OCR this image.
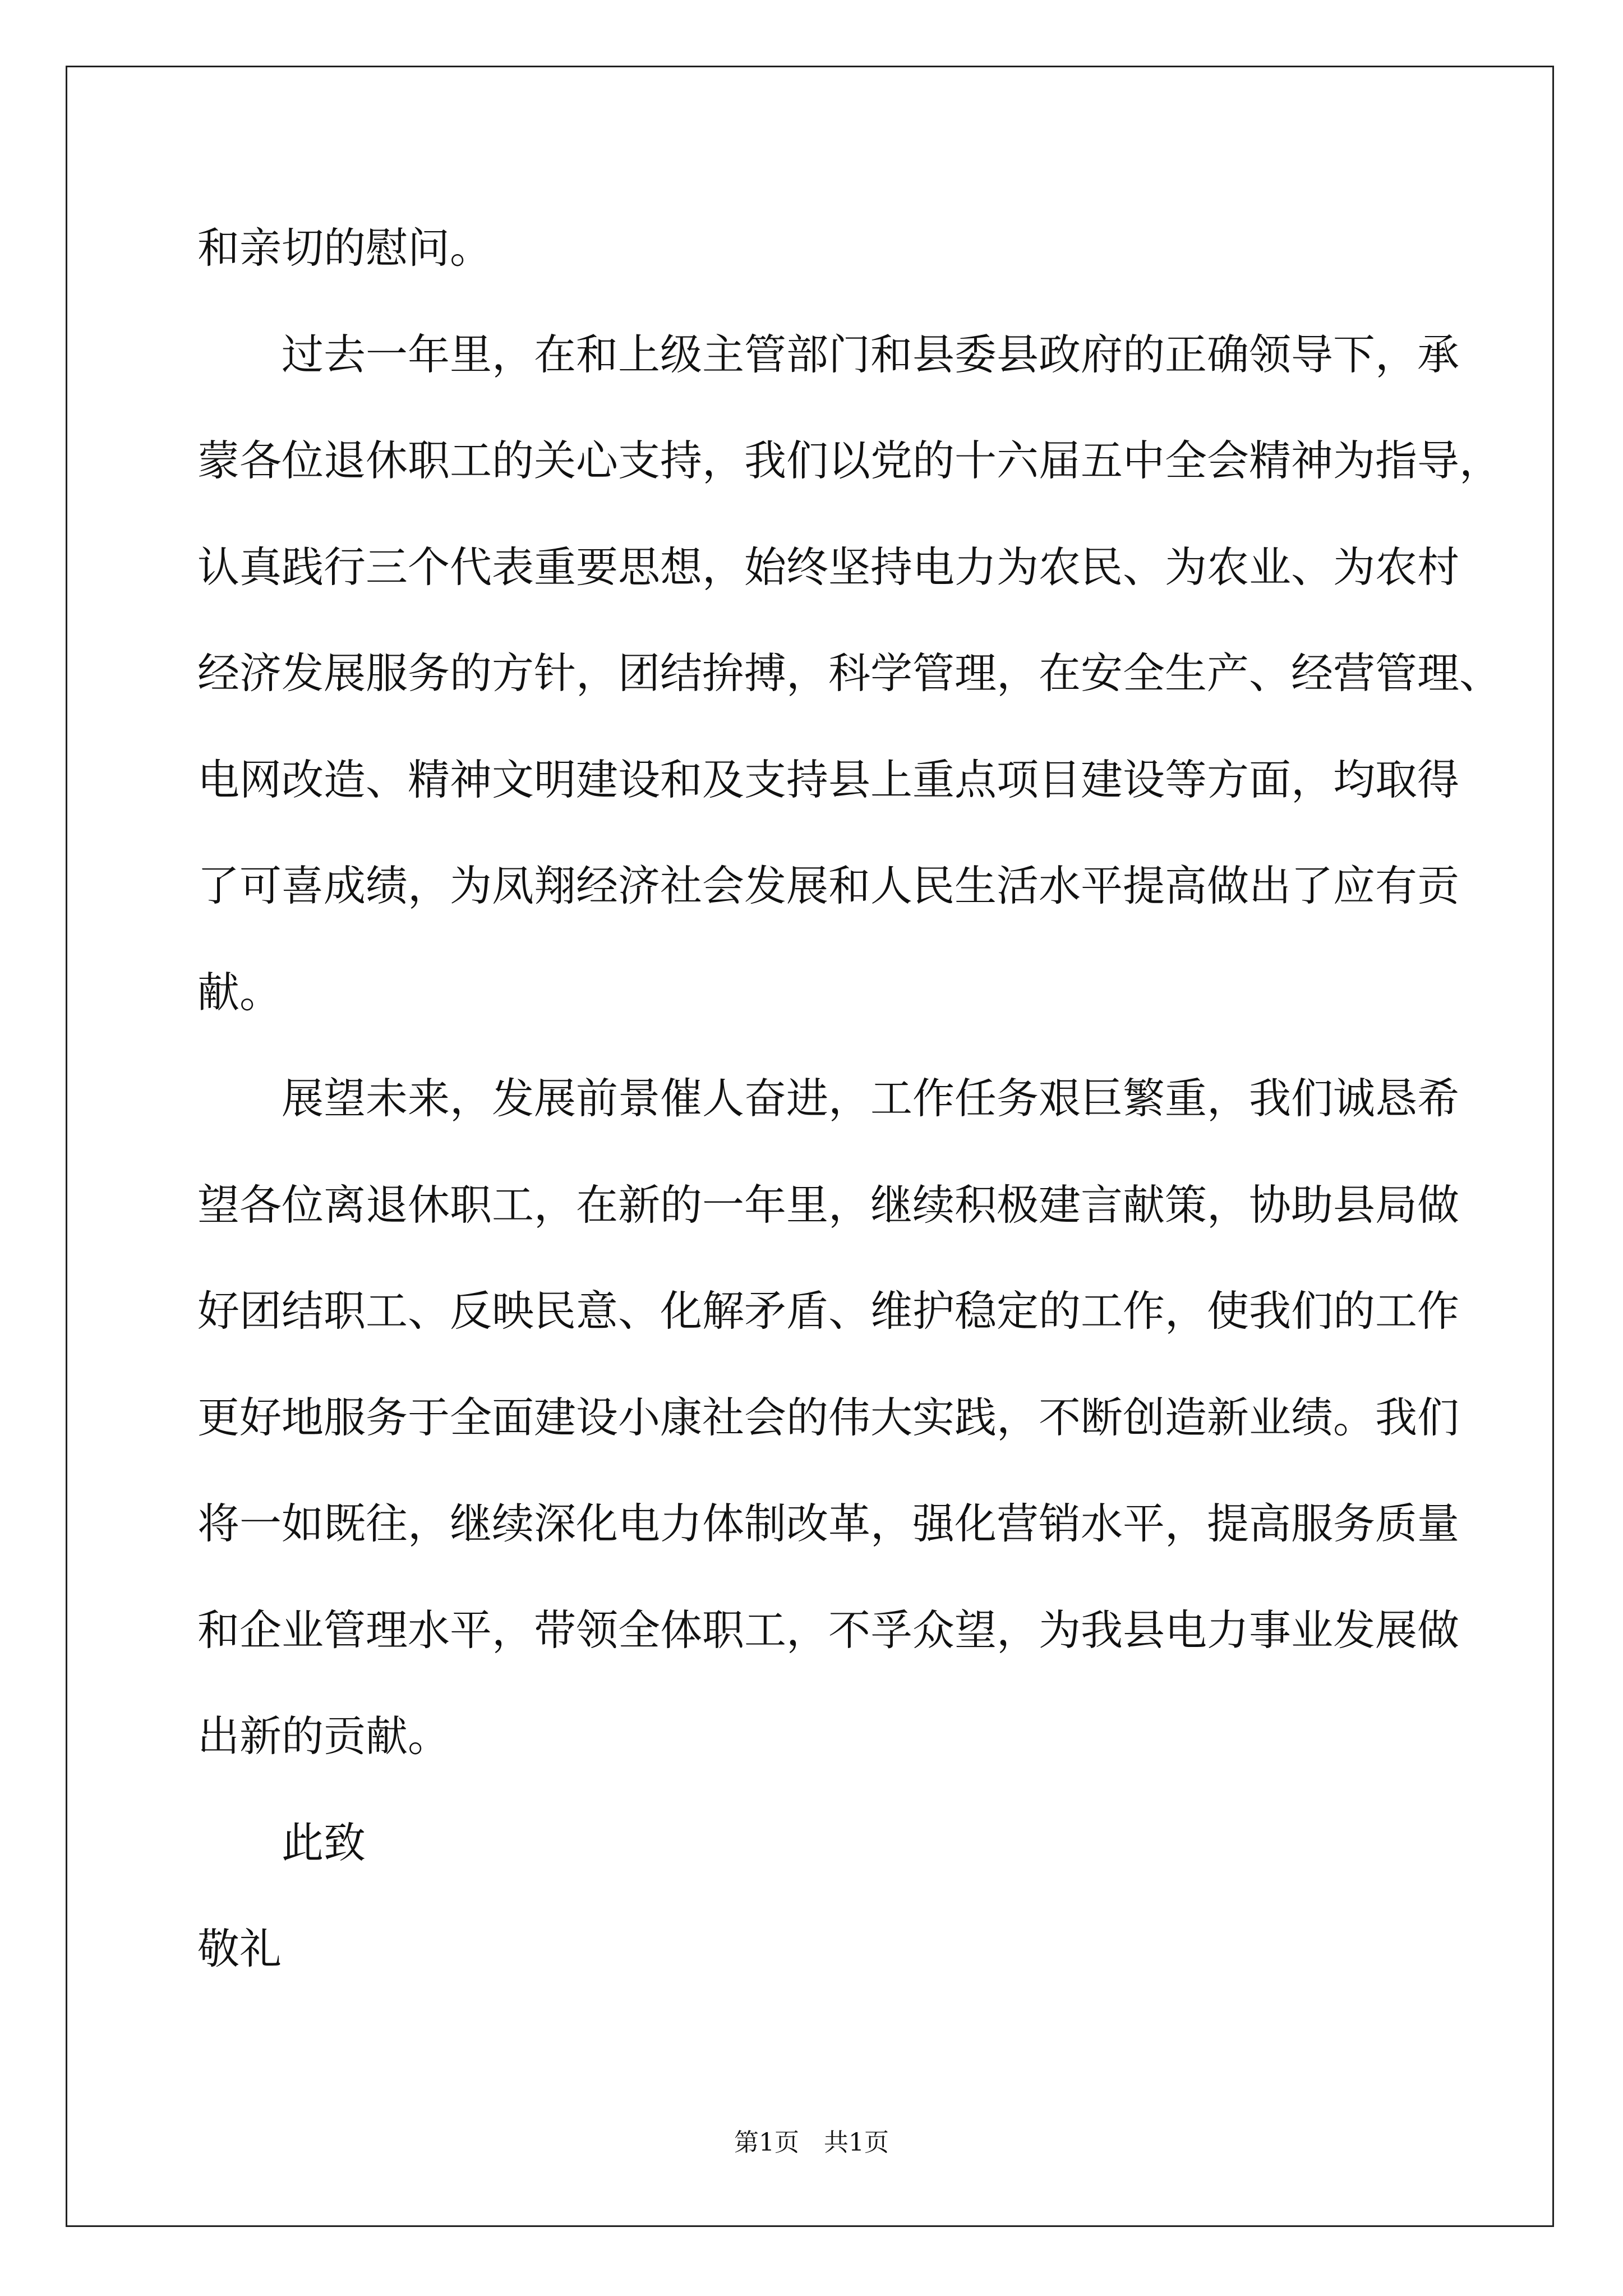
和亲切的慰问。
过去一年里，在和上级主管部门和县委县政府的正确领导下，承
蒙各位退休职工的关心支持，我们以党的十六届五中全会精神为指导，
认真践行三个代表重要思想，始终坚持电力为农民、为农业、为农村
经济发展服务的方针，团结拚搏，科学管理，在安全生产、经营管理、
电网改造、精神文明建设和及支持县上重点项目建设等方面，均取得
了可喜成绩，为凤翔经济社会发展和人民生活水平提高做出了应有贡
献。
展望未来，发展前景催人奋进，工作任务艰巨繁重，我们诚恳希
望各位离退休职工，在新的一年里，继续积极建言献策，协助县局做
好团结职工、反映民意、化解矛盾、维护稳定的工作，使我们的工作
更好地服务于全面建设小康社会的伟大实践，不断创造新业绩。我们
将一如既往，继续深化电力体制改革，强化营销水平，提高服务质量
和企业管理水平，带领全体职工，不孚众望，为我县电力事业发展做
出新的贡献。
此致
敬礼
第1页 共1页
